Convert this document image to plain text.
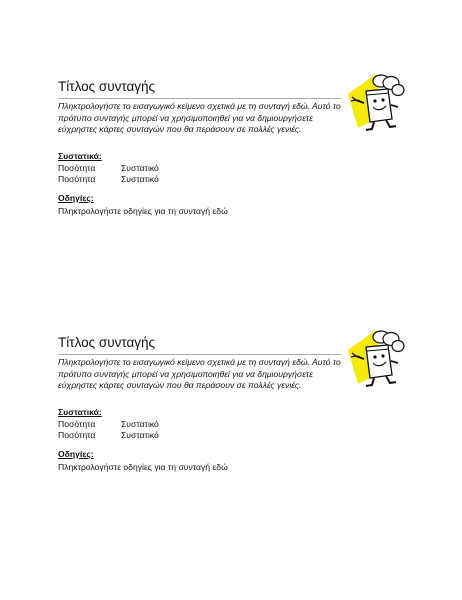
Τίτλος συνταγής
Πληκτρολογήστε το εισαγωγικό κείμενο σχετικά με τη συνταγή εδώ. Αυτό το πρότυπο συνταγής μπορεί να χρησιμοποιηθεί για να δημιουργήσετε εύχρηστες κάρτες συνταγών που θα περάσουν σε πολλές γενιές.
Συστατικά:
Ποσότητα	Συστατικό
Ποσότητα	Συστατικό
Οδηγίες:
Πληκτρολογήστε οδηγίες για τη συνταγή εδώ
Τίτλος συνταγής
Πληκτρολογήστε το εισαγωγικό κείμενο σχετικά με τη συνταγή εδώ. Αυτό το πρότυπο συνταγής μπορεί να χρησιμοποιηθεί για να δημιουργήσετε εύχρηστες κάρτες συνταγών που θα περάσουν σε πολλές γενιές.
Συστατικά:
Ποσότητα	Συστατικό
Ποσότητα	Συστατικό
Οδηγίες:
Πληκτρολογήστε οδηγίες για τη συνταγή εδώ
